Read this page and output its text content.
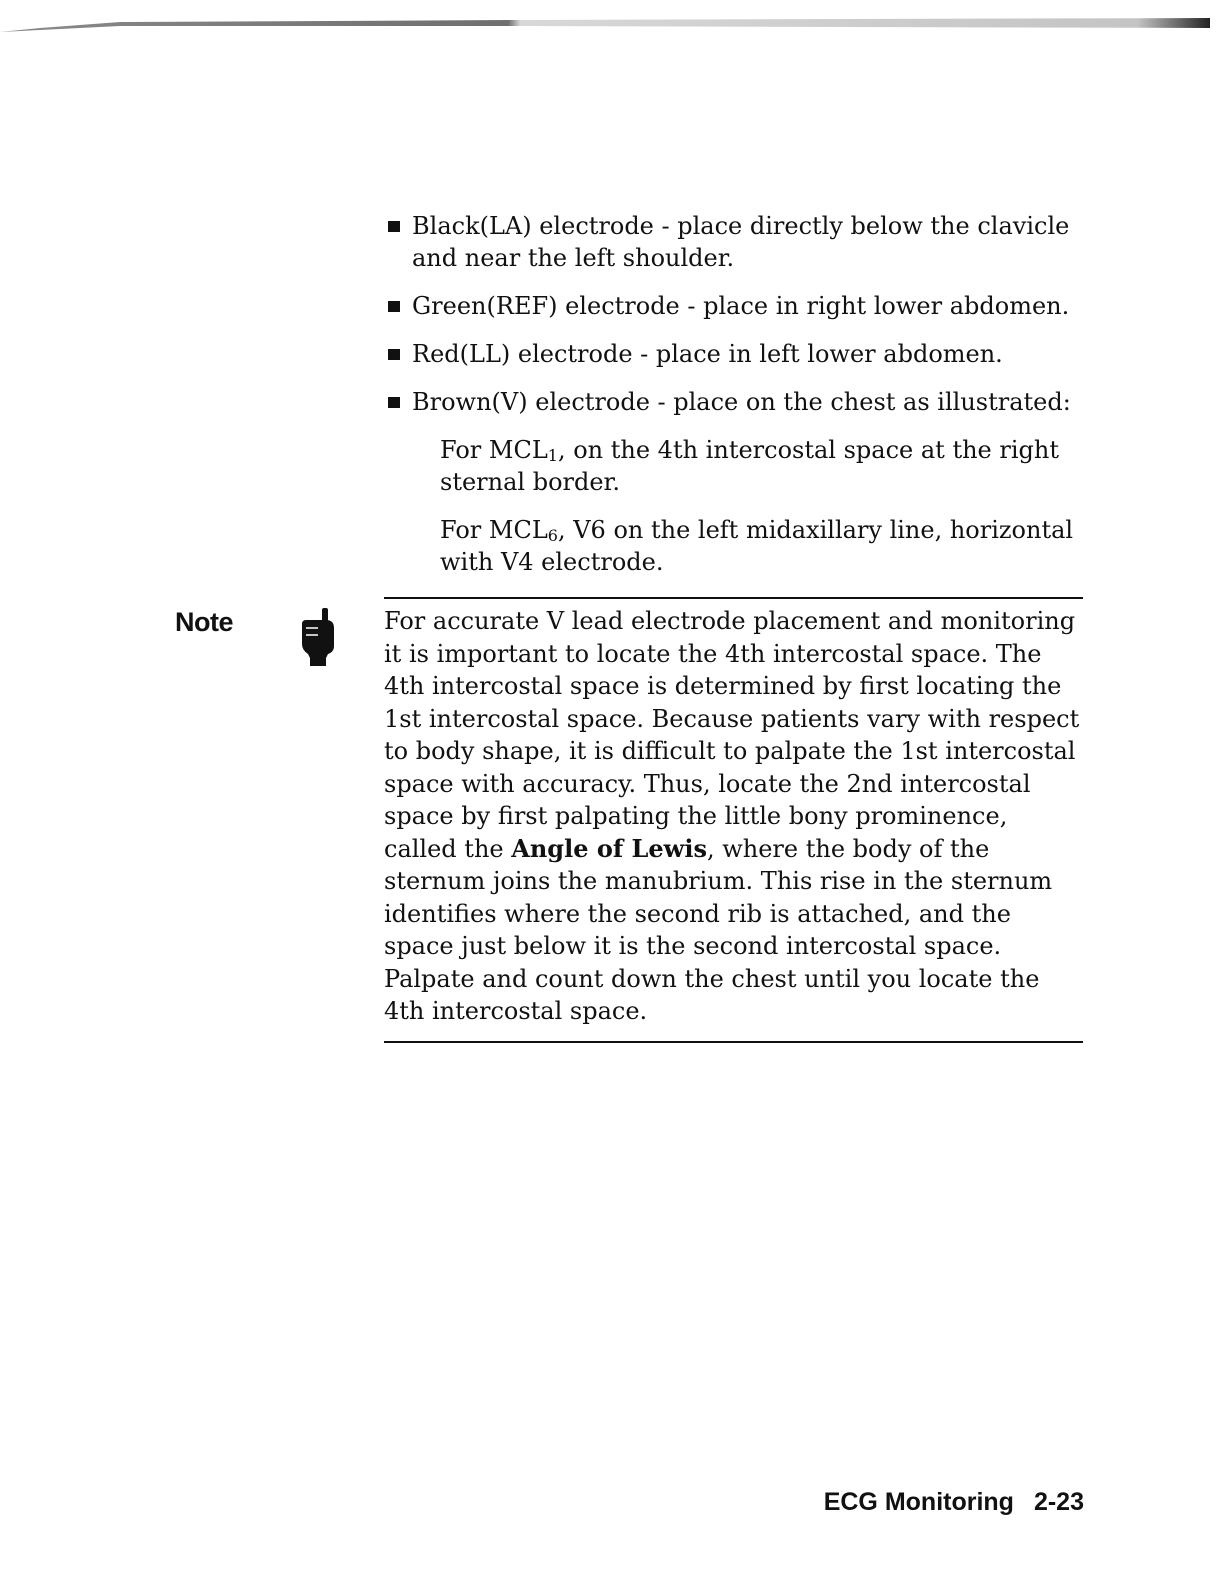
Black(LA) electrode - place directly below the clavicle and near the left shoulder.
Green(REF) electrode - place in right lower abdomen.
Red(LL) electrode - place in left lower abdomen.
Brown(V) electrode - place on the chest as illustrated:
For $MCL_1$, on the 4th intercostal space at the right sternal border.
For $MCL_6$, V6 on the left midaxillary line, horizontal with V4 electrode.
Note	For accurate V lead electrode placement and monitoring it is important to locate the 4th intercostal space. The 4th intercostal space is determined by first locating the 1st intercostal space. Because patients vary with respect to body shape, it is difficult to palpate the 1st intercostal space with accuracy. Thus, locate the 2nd intercostal space by first palpating the little bony prominence, called the Angle of Lewis, where the body of the sternum joins the manubrium. This rise in the sternum identifies where the second rib is attached, and the space just below it is the second intercostal space. Palpate and count down the chest until you locate the 4th intercostal space.
ECG Monitoring 2-23
